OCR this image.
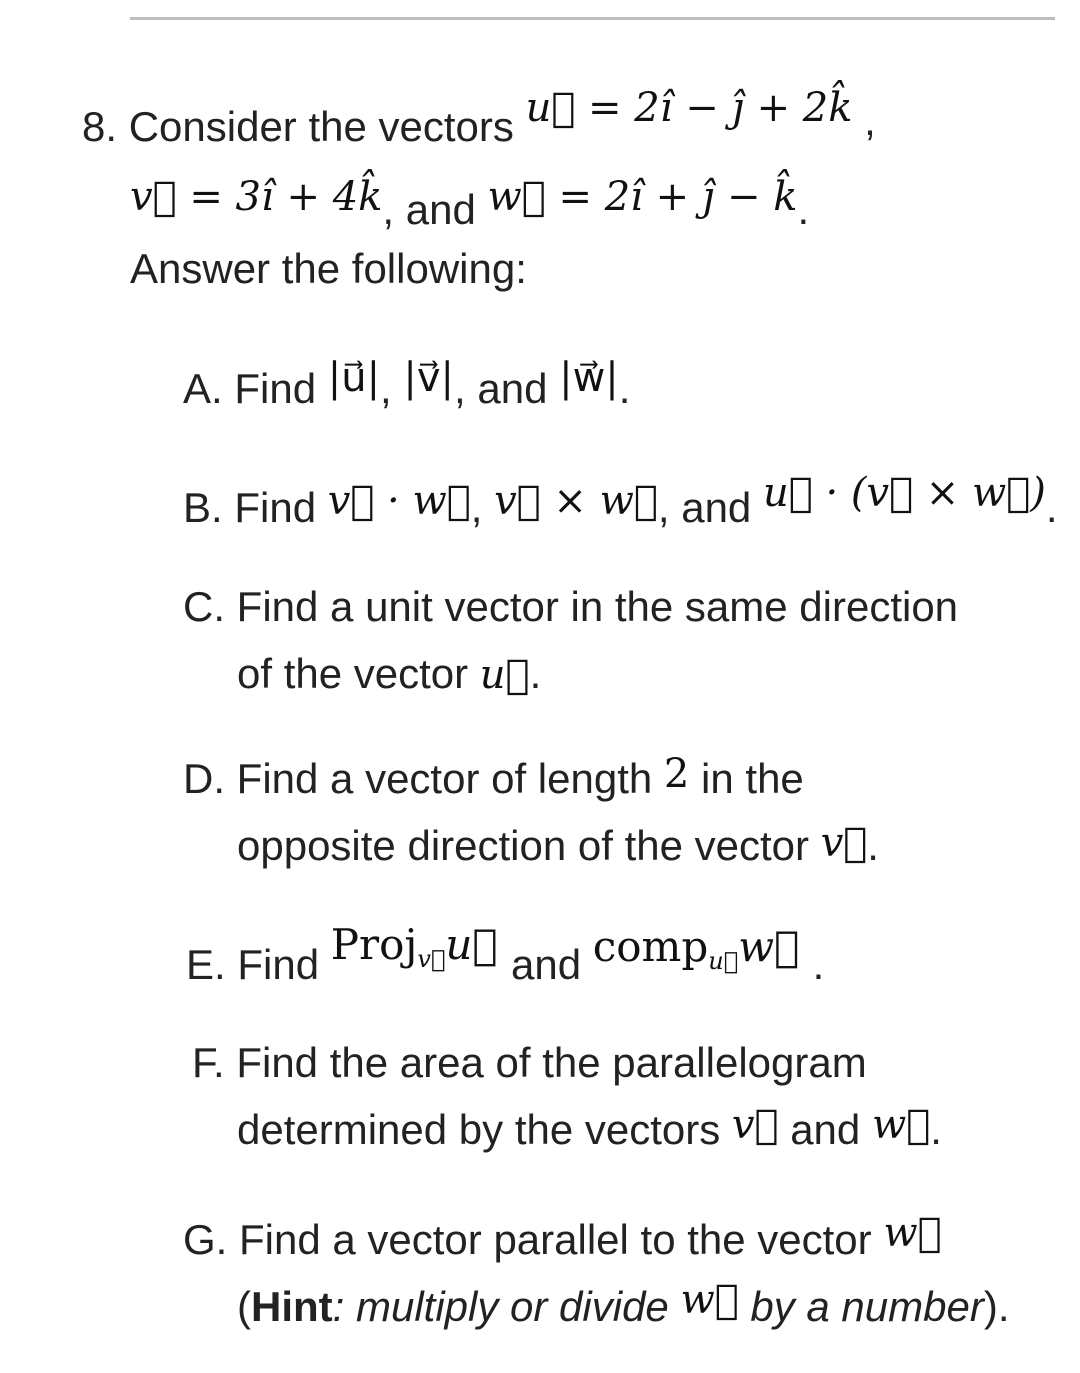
8. Consider the vectors u⃗ = 2î − ĵ + 2k̂ ,
v⃗ = 3î + 4k̂, and w⃗ = 2î + ĵ − k̂.
Answer the following:
A. Find |u⃗|, |v⃗|, and |w⃗|.
B. Find v⃗ · w⃗, v⃗ × w⃗, and u⃗ · (v⃗ × w⃗).
C. Find a unit vector in the same direction
of the vector u⃗.
D. Find a vector of length 2 in the
opposite direction of the vector v⃗.
E. Find Proj$_{v⃗}$u⃗ and comp$_{u⃗}$w⃗ .
F. Find the area of the parallelogram
determined by the vectors v⃗ and w⃗.
G. Find a vector parallel to the vector w⃗
(Hint: multiply or divide w⃗ by a number).
